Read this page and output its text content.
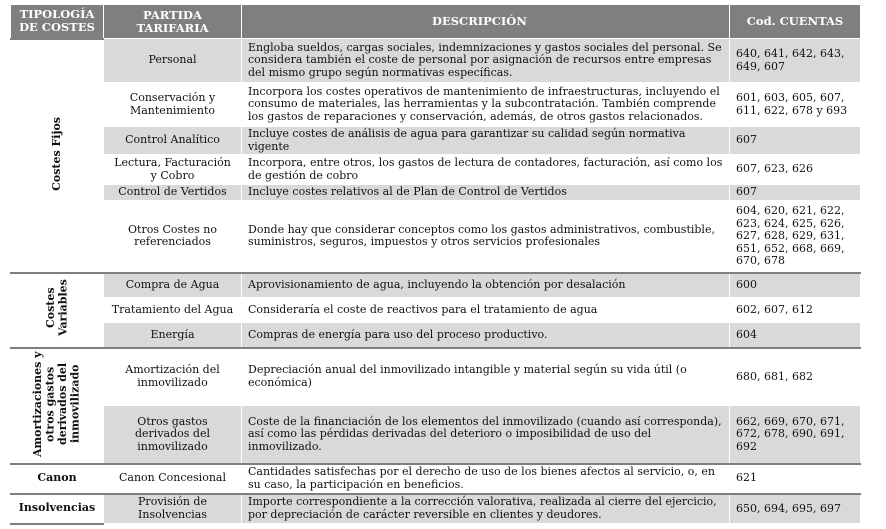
TIPOLOGÍA DE COSTES	PARTIDA TARIFARIA	DESCRIPCIÓN	Cod. CUENTAS
Costes Fijos	Personal	Engloba sueldos, cargas sociales, indemnizaciones y gastos sociales del personal. Se considera también el coste de personal por asignación de recursos entre empresas del mismo grupo según normativas específicas.	640, 641, 642, 643, 649, 607
	Conservación y Mantenimiento	Incorpora los costes operativos de mantenimiento de infraestructuras, incluyendo el consumo de materiales, las herramientas y la subcontratación. También comprende los gastos de reparaciones y conservación, además, de otros gastos relacionados.	601, 603, 605, 607, 611, 622, 678 y 693
	Control Analítico	Incluye costes de análisis de agua para garantizar su calidad según normativa vigente	607
	Lectura, Facturación y Cobro	Incorpora, entre otros, los gastos de lectura de contadores, facturación, así como los de gestión de cobro	607, 623, 626
	Control de Vertidos	Incluye costes relativos al de Plan de Control de Vertidos	607
	Otros Costes no referenciados	Donde hay que considerar conceptos como los gastos administrativos, combustible, suministros, seguros, impuestos y otros servicios profesionales	604, 620, 621, 622, 623, 624, 625, 626, 627, 628, 629, 631, 651, 652, 668, 669, 670, 678
Costes Variables	Compra de Agua	Aprovisionamiento de agua, incluyendo la obtención por desalación	600
	Tratamiento del Agua	Consideraría el coste de reactivos para el tratamiento de agua	602, 607, 612
	Energía	Compras de energía para uso del proceso productivo.	604
Amortizaciones y otros gastos derivados del inmovilizado	Amortización del inmovilizado	Depreciación anual del inmovilizado intangible y material según su vida útil (o económica)	680, 681, 682
	Otros gastos derivados del inmovilizado	Coste de la financiación de los elementos del inmovilizado (cuando así corresponda), así como las pérdidas derivadas del deterioro o imposibilidad de uso del inmovilizado.	662, 669, 670, 671, 672, 678, 690, 691, 692
Canon	Canon Concesional	Cantidades satisfechas por el derecho de uso de los bienes afectos al servicio, o, en su caso, la participación en beneficios.	621
Insolvencias	Provisión de Insolvencias	Importe correspondiente a la corrección valorativa, realizada al cierre del ejercicio, por depreciación de carácter reversible en clientes y deudores.	650, 694, 695, 697
